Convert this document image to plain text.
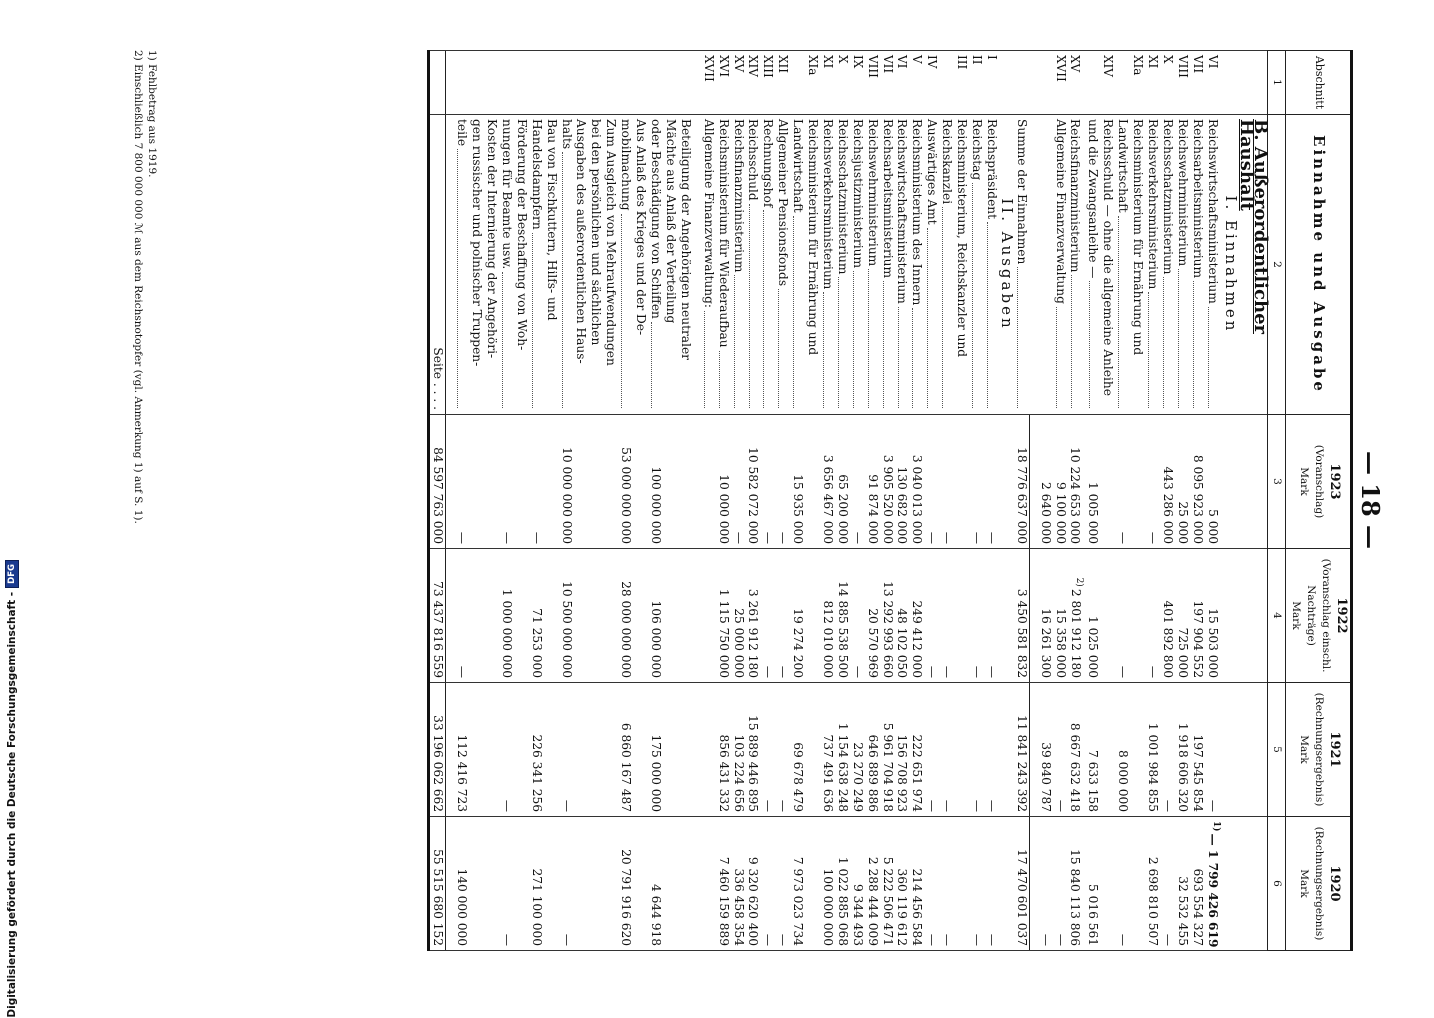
— 18 —
Abschnitt	Einnahme und Ausgabe	1923
(Voranschlag)
Mark	1922
(Voranschlag einschl. Nachträge)
Mark	1921
(Rechnungsergebnis)
Mark	1920
(Rechnungsergebnis)
Mark

1	2	3	4	5	6
	B. Außerordentlicher Haushalt				
	I. Einnahmen				
VI	Reichswirtschaftsministerium	5 000	15 503 000	—	$^{1)}$— 1 799 426 619
VII	Reichsarbeitsministerium	8 095 923 000	197 904 552	197 545 854	693 554 327
VIII	Reichswehrministerium	25 000	725 000	1 918 606 320	32 532 455
X	Reichsschatzministerium	443 286 000	401 892 800	—	—
XI	Reichsverkehrsministerium	—	—	1 001 984 855	2 698 810 507
XIa	Reichsministerium für Ernährung und				

	Landwirtschaft	—	—	8 000 000	—
XIV	Reichsschuld — ohne die allgemeine Anleihe				

	und die Zwangsanleihe —	1 005 000	1 025 000	7 633 158	5 016 561
XV	Reichsfinanzministerium	10 224 653 000	$^{2)}$2 801 912 180	8 667 632 418	15 840 113 806
XVII	Allgemeine Finanzverwaltung	9 100 000	15 358 000	—	—
		2 640 000	16 261 300	39 840 787	—

	Summe der Einnahmen	18 776 637 000	3 450 581 832	11 841 243 392	17 470 601 037
	II. Ausgaben				
I	Reichspräsident	—	—	—	—
II	Reichstag	—	—	—	—
III	Reichsministerium, Reichskanzler und				

	Reichskanzlei	—	—	—	—
IV	Auswärtiges Amt	—	—	—	—
V	Reichsministerium des Innern	3 040 013 000	249 412 000	222 651 974	214 456 584
VI	Reichswirtschaftsministerium	130 682 000	48 102 050	156 708 923	360 119 612
VII	Reichsarbeitsministerium	3 905 520 000	13 292 993 660	5 961 704 918	5 222 506 471
VIII	Reichswehrministerium	91 874 000	20 570 969	646 889 886	2 288 444 009
IX	Reichsjustizministerium	—	—	23 270 249	9 344 493
X	Reichsschatzministerium	65 200 000	14 885 538 500	1 154 638 248	1 022 885 068
XI	Reichsverkehrsministerium	3 656 467 000	812 010 000	737 491 636	100 000 000
XIa	Reichsministerium für Ernährung und				

	Landwirtschaft	15 935 000	19 274 200	69 678 479	7 973 023 734
XII	Allgemeiner Pensionsfonds	—	—	—	—
XIII	Rechnungshof	—	—	—	—
XIV	Reichsschuld	10 582 072 000	3 261 912 180	15 889 446 895	9 320 620 400
XV	Reichsfinanzministerium	—	25 000 000	103 224 656	336 458 354
XVI	Reichsministerium für Wiederaufbau	10 000 000	1 115 750 000	856 431 332	7 460 159 889
XVII	Allgemeine Finanzverwaltung:				

	Beteiligung der Angehörigen neutraler				
	Mächte aus Anlaß der Verteilung				

	oder Beschädigung von Schiffen	100 000 000	106 000 000	175 000 000	4 644 918
	Aus Anlaß des Krieges und der De-				

	mobilmachung	53 000 000 000	28 000 000 000	6 860 167 487	20 791 916 620
	Zum Ausgleich von Mehraufwendungen				
	bei den persönlichen und sächlichen				
	Ausgaben des außerordentlichen Haus-				

	halts	10 000 000 000	10 500 000 000	—	—
	Bau von Fischkuttern, Hilfs- und				

	Handelsdampfern	—	71 253 000	226 341 256	271 100 000
	Förderung der Beschaffung von Woh-				

	nungen für Beamte usw.	—	1 000 000 000	—	—
	Kosten der Internierung der Angehöri-				
	gen russischer und polnischer Truppen-				

	teile	—	—	112 416 723	140 000 000

	Seite . . . .	84 597 763 000	73 437 816 559	33 196 062 662	55 515 680 152
1) Fehlbetrag aus 1919.
2) Einschließlich 7 800 000 000 ℳ aus dem Reichsnotopfer (vgl. Anmerkung 1) auf S. 1).
Digitalisierung gefördert durch die Deutsche Forschungsgemeinschaft -
DFG
